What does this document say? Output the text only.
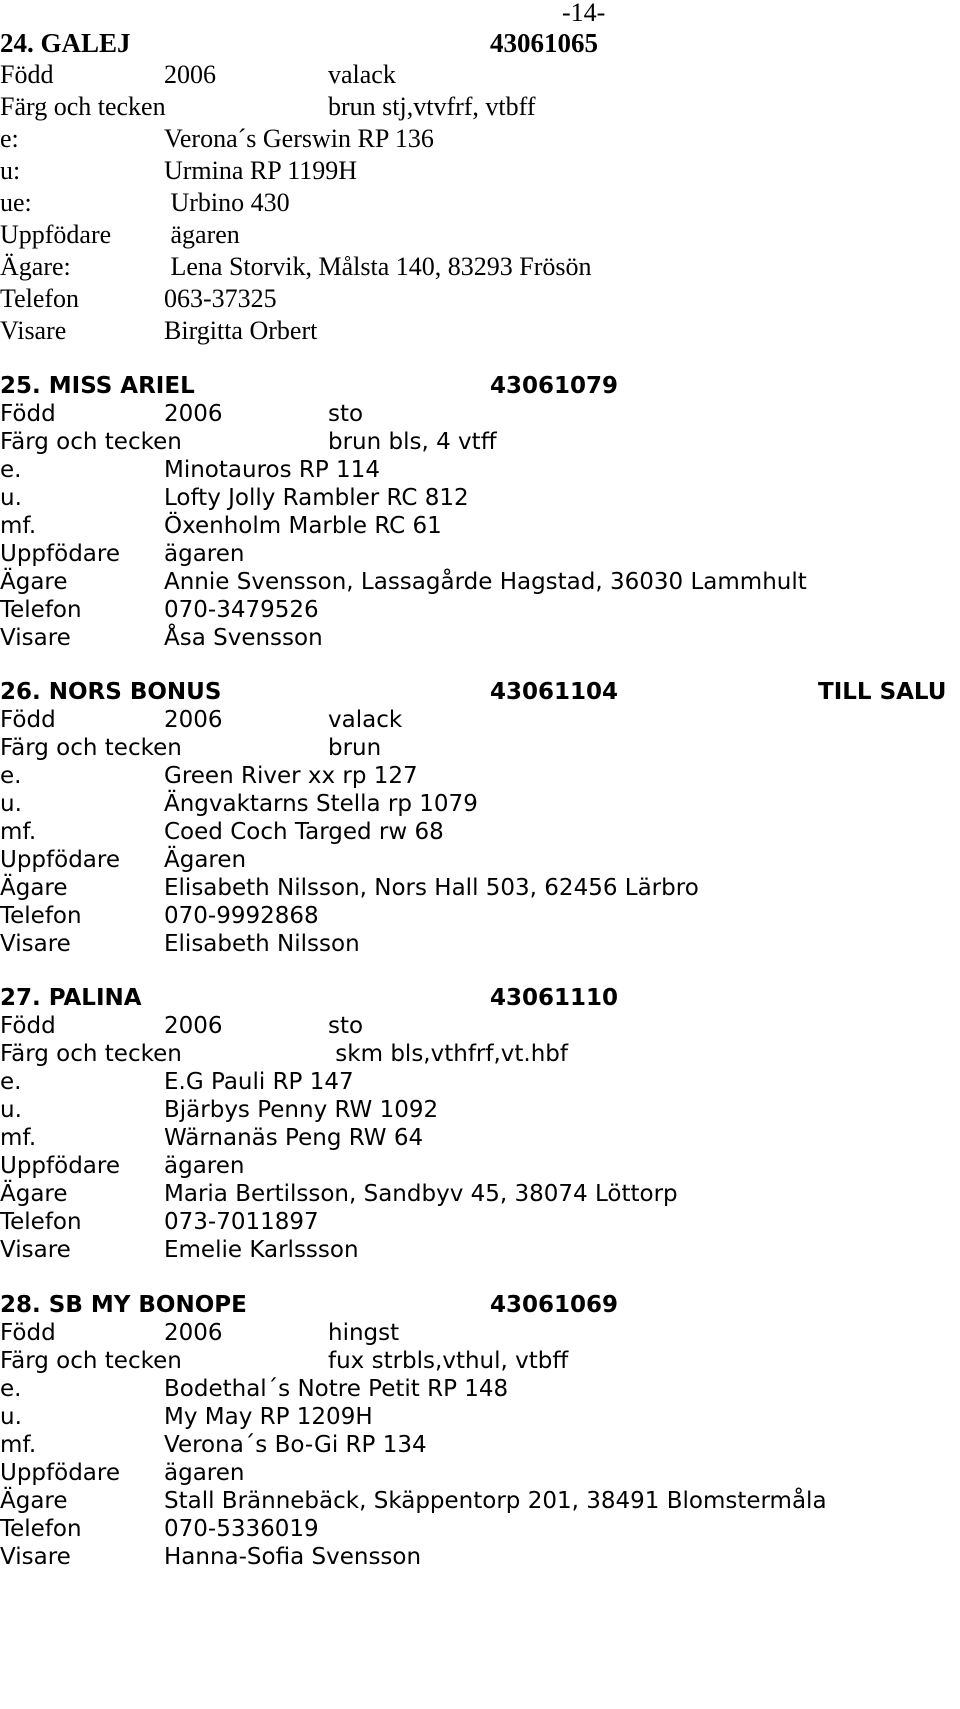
-14-
24. GALEJ	43061065
Född	2006	valack
Färg och tecken	brun stj,vtvfrf, vtbff
e:	Verona´s Gerswin RP 136
u:	Urmina RP 1199H
ue:	Urbino 430
Uppfödare ägaren
Ägare:	Lena Storvik, Målsta 140, 83293 Frösön
Telefon	063-37325
Visare	Birgitta Orbert
25. MISS ARIEL	43061079
Född	2006	sto
Färg och tecken	brun bls, 4 vtff
e.	Minotauros RP 114
u.	Lofty Jolly Rambler RC 812
mf.	Öxenholm Marble RC 61
Uppfödare ägaren
Ägare	Annie Svensson, Lassagårde Hagstad, 36030 Lammhult
Telefon	070-3479526
Visare	Åsa Svensson
26. NORS BONUS	43061104	TILL SALU
Född	2006	valack
Färg och tecken	brun
e.	Green River xx rp 127
u.	Ängvaktarns Stella rp 1079
mf.	Coed Coch Targed rw 68
Uppfödare Ägaren
Ägare	Elisabeth Nilsson, Nors Hall 503, 62456 Lärbro
Telefon	070-9992868
Visare	Elisabeth Nilsson
27. PALINA	43061110
Född	2006	sto
Färg och tecken	skm bls,vthfrf,vt.hbf
e.	E.G Pauli RP 147
u.	Bjärbys Penny RW 1092
mf.	Wärnanäs Peng RW 64
Uppfödare ägaren
Ägare	Maria Bertilsson, Sandbyv 45, 38074 Löttorp
Telefon	073-7011897
Visare	Emelie Karlssson
28. SB MY BONOPE	43061069
Född	2006	hingst
Färg och tecken	fux strbls,vthul, vtbff
e.	Bodethal´s Notre Petit RP 148
u.	My May RP 1209H
mf.	Verona´s Bo-Gi RP 134
Uppfödare ägaren
Ägare	Stall Brännebäck, Skäppentorp 201, 38491 Blomstermåla
Telefon	070-5336019
Visare	Hanna-Sofia Svensson
